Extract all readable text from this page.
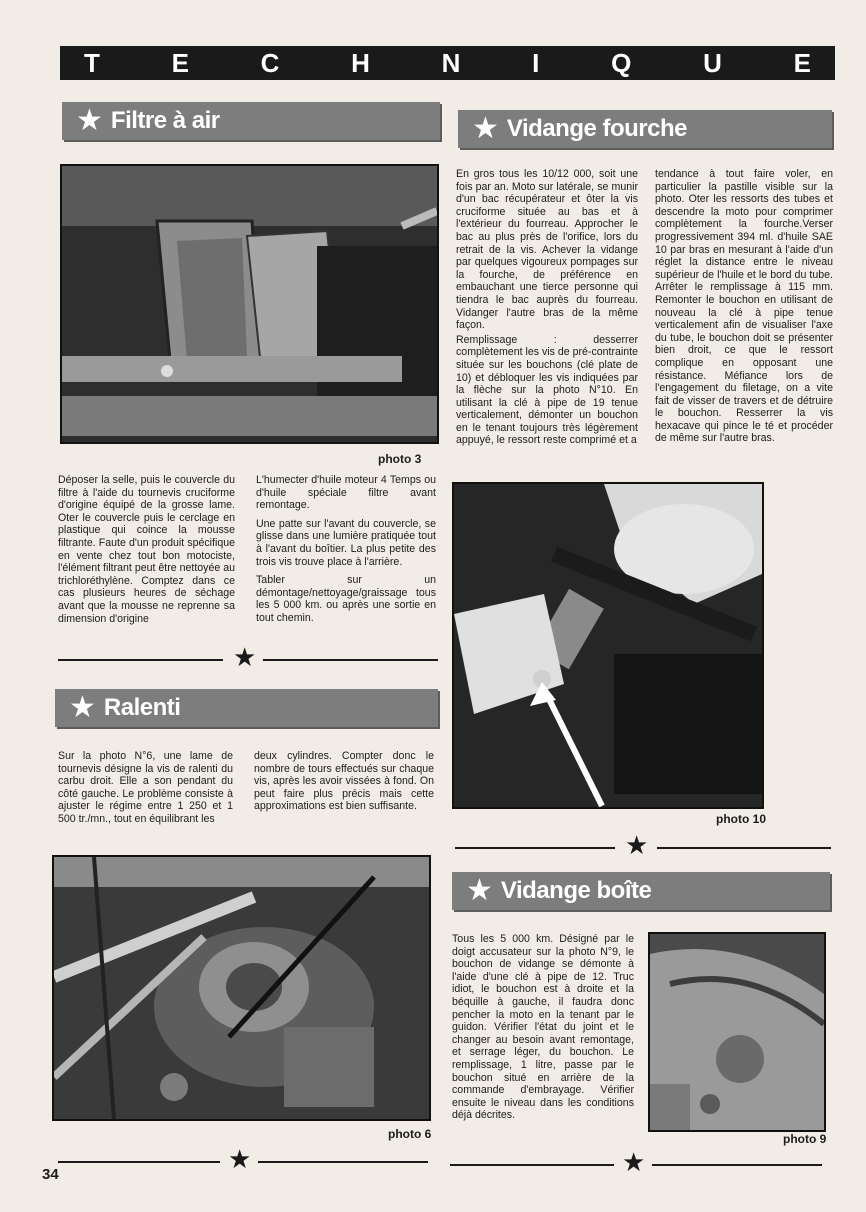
T	E	C	H	N	I	Q	U	E
★ Filtre à air
photo 3

Déposer la selle, puis le couvercle du filtre à l'aide du tournevis cruciforme d'origine équipé de la grosse lame. Oter le couvercle puis le cerclage en plastique qui coince la mousse filtrante. Faute d'un produit spécifique en vente chez tout bon motociste, l'élément filtrant peut être nettoyée au trichloréthylène. Comptez dans ce cas plusieurs heures de séchage avant que la mousse ne reprenne sa dimension d'origine

L'humecter d'huile moteur 4 Temps ou d'huile spéciale filtre avant remontage.

Une patte sur l'avant du couvercle, se glisse dans une lumière pratiquée tout à l'avant du boîtier. La plus petite des trois vis trouve place à l'arrière.

Tabler sur un démontage/nettoyage/graissage tous les 5 000 km. ou après une sortie en tout chemin.

★
★ Ralenti

Sur la photo N°6, une lame de tournevis désigne la vis de ralenti du carbu droit. Elle a son pendant du côté gauche. Le problème consiste à ajuster le régime entre 1 250 et 1 500 tr./mn., tout en équilibrant les

deux cylindres. Compter donc le nombre de tours effectués sur chaque vis, après les avoir vissées à fond. On peut faire plus précis mais cette approximations est bien suffisante.

photo 6
★
34
★ Vidange fourche

En gros tous les 10/12 000, soit une fois par an. Moto sur latérale, se munir d'un bac récupérateur et ôter la vis cruciforme située au bas et à l'extérieur du fourreau. Approcher le bac au plus près de l'orifice, lors du retrait de la vis. Achever la vidange par quelques vigoureux pompages sur la fourche, de préférence en embauchant une tierce personne qui tiendra le bac auprès du fourreau. Vidanger l'autre bras de la même façon.

Remplissage : desserrer complètement les vis de pré-contrainte située sur les bouchons (clé plate de 10) et débloquer les vis indiquées par la flèche sur la photo N°10. En utilisant la clé à pipe de 19 tenue verticalement, démonter un bouchon en le tenant toujours très légèrement appuyé, le ressort reste comprimé et a

tendance à tout faire voler, en particulier la pastille visible sur la photo. Oter les ressorts des tubes et descendre la moto pour comprimer complètement la fourche.Verser progressivement 394 ml. d'huile SAE 10 par bras en mesurant à l'aide d'un réglet la distance entre le niveau supérieur de l'huile et le bord du tube. Arrêter le remplissage à 115 mm. Remonter le bouchon en utilisant de nouveau la clé à pipe tenue verticalement afin de visualiser l'axe du tube, le bouchon doit se présenter bien droit, ce que le ressort complique en opposant une résistance. Méfiance lors de l'engagement du filetage, on a vite fait de visser de travers et de détruire le bouchon. Resserrer la vis hexacave qui pince le té et procéder de même sur l'autre bras.

photo 10
★
★ Vidange boîte

Tous les 5 000 km. Désigné par le doigt accusateur sur la photo N°9, le bouchon de vidange se démonte à l'aide d'une clé à pipe de 12. Truc idiot, le bouchon est à droite et la béquille à gauche, il faudra donc pencher la moto en la tenant par le guidon. Vérifier l'état du joint et le changer au besoin avant remontage, et serrage léger, du bouchon. Le remplissage, 1 litre, passe par le bouchon situé en arrière de la commande d'embrayage. Vérifier ensuite le niveau dans les conditions déjà décrites.

photo 9
★
